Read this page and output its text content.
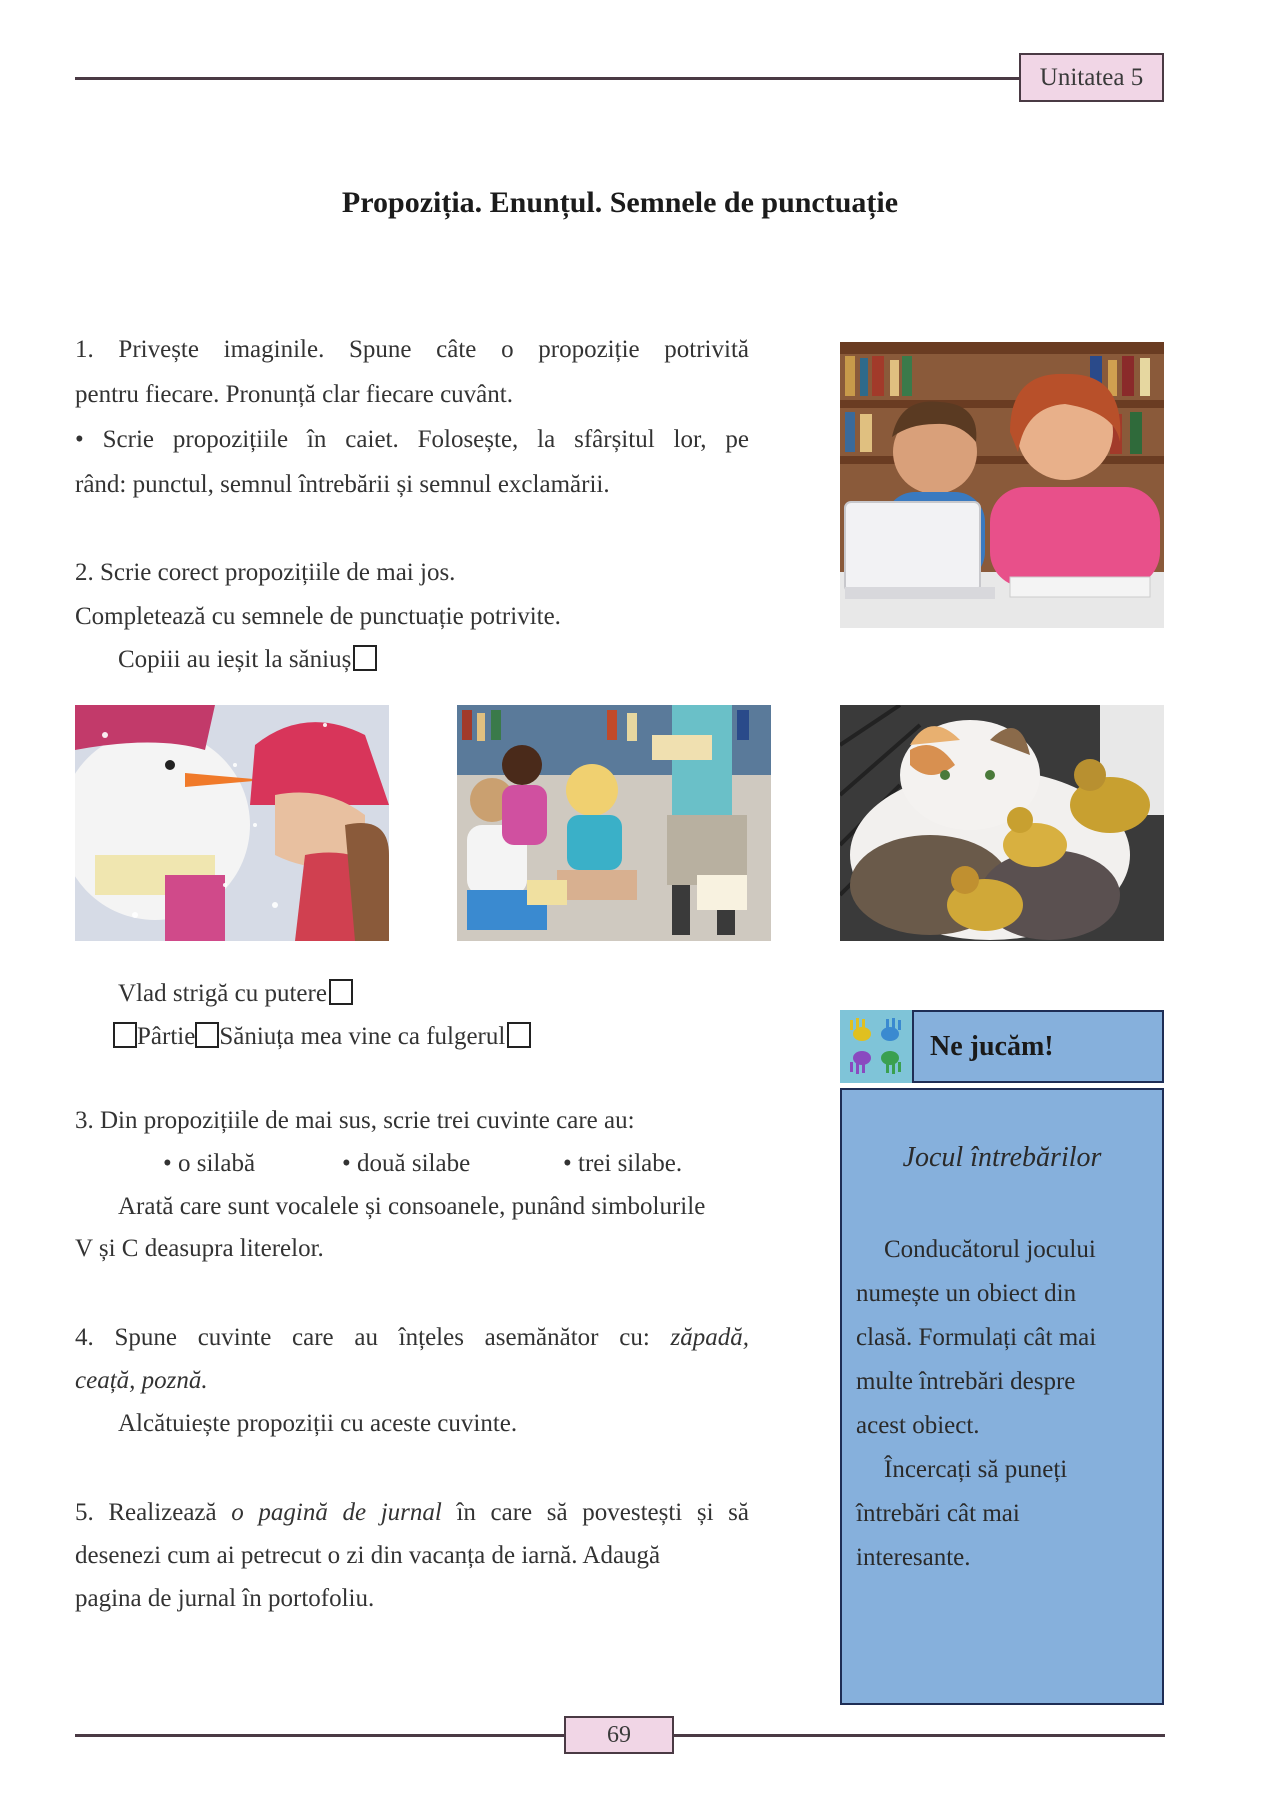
Unitatea 5
Propoziția. Enunțul. Semnele de punctuație
1. Privește imaginile. Spune câte o propoziție potrivită
pentru fiecare. Pronunță clar fiecare cuvânt.
• Scrie propozițiile în caiet. Folosește, la sfârșitul lor, pe
rând: punctul, semnul întrebării și semnul exclamării.
2. Scrie corect propozițiile de mai jos.
Completează cu semnele de punctuație potrivite.
Copiii au ieșit la săniuș
Vlad strigă cu putere
Pârtie Săniuța mea vine ca fulgerul	Ne jucăm!
Jocul întrebărilor
Conducătorul jocului
numește un obiect din
clasă. Formulați cât mai
multe întrebări despre
acest obiect.
Încercați să puneți
întrebări cât mai
interesante.
3. Din propozițiile de mai sus, scrie trei cuvinte care au:
• o silabă	• două silabe	• trei silabe.
Arată care sunt vocalele și consoanele, punând simbolurile
V și C deasupra literelor.
4. Spune cuvinte care au înțeles asemănător cu: zăpadă,
ceață, poznă.
Alcătuiește propoziții cu aceste cuvinte.
5. Realizează o pagină de jurnal în care să povestești și să
desenezi cum ai petrecut o zi din vacanța de iarnă. Adaugă
pagina de jurnal în portofoliu.
69
